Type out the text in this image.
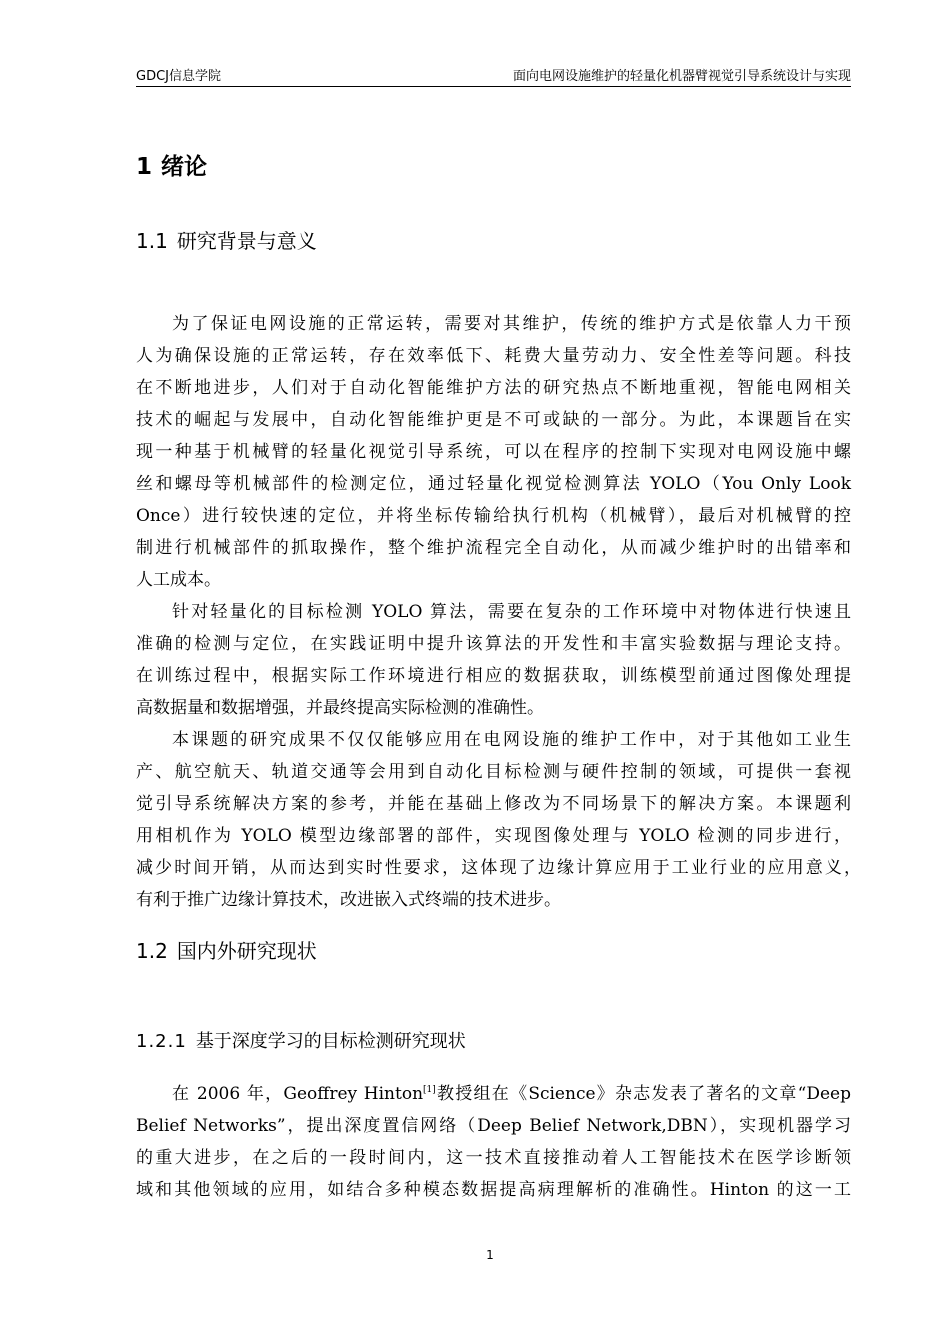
GDCJ信息学院	面向电网设施维护的轻量化机器臂视觉引导系统设计与实现
1 绪论
1.1 研究背景与意义
为了保证电网设施的正常运转，需要对其维护，传统的维护方式是依靠人力干预
人为确保设施的正常运转，存在效率低下、耗费大量劳动力、安全性差等问题。科技
在不断地进步，人们对于自动化智能维护方法的研究热点不断地重视，智能电网相关
技术的崛起与发展中，自动化智能维护更是不可或缺的一部分。为此，本课题旨在实
现一种基于机械臂的轻量化视觉引导系统，可以在程序的控制下实现对电网设施中螺
丝和螺母等机械部件的检测定位，通过轻量化视觉检测算法 YOLO（You Only Look
Once）进行较快速的定位，并将坐标传输给执行机构（机械臂），最后对机械臂的控
制进行机械部件的抓取操作，整个维护流程完全自动化，从而减少维护时的出错率和
人工成本。
针对轻量化的目标检测 YOLO 算法，需要在复杂的工作环境中对物体进行快速且
准确的检测与定位，在实践证明中提升该算法的开发性和丰富实验数据与理论支持。
在训练过程中，根据实际工作环境进行相应的数据获取，训练模型前通过图像处理提
高数据量和数据增强，并最终提高实际检测的准确性。
本课题的研究成果不仅仅能够应用在电网设施的维护工作中，对于其他如工业生
产、航空航天、轨道交通等会用到自动化目标检测与硬件控制的领域，可提供一套视
觉引导系统解决方案的参考，并能在基础上修改为不同场景下的解决方案。本课题利
用相机作为 YOLO 模型边缘部署的部件，实现图像处理与 YOLO 检测的同步进行，
减少时间开销，从而达到实时性要求，这体现了边缘计算应用于工业行业的应用意义，
有利于推广边缘计算技术，改进嵌入式终端的技术进步。
1.2 国内外研究现状
1.2.1 基于深度学习的目标检测研究现状
在 2006 年，Geoffrey Hinton[1]教授组在《Science》杂志发表了著名的文章“Deep
Belief Networks”，提出深度置信网络（Deep Belief Network,DBN），实现机器学习
的重大进步，在之后的一段时间内，这一技术直接推动着人工智能技术在医学诊断领
域和其他领域的应用，如结合多种模态数据提高病理解析的准确性。Hinton 的这一工
1
